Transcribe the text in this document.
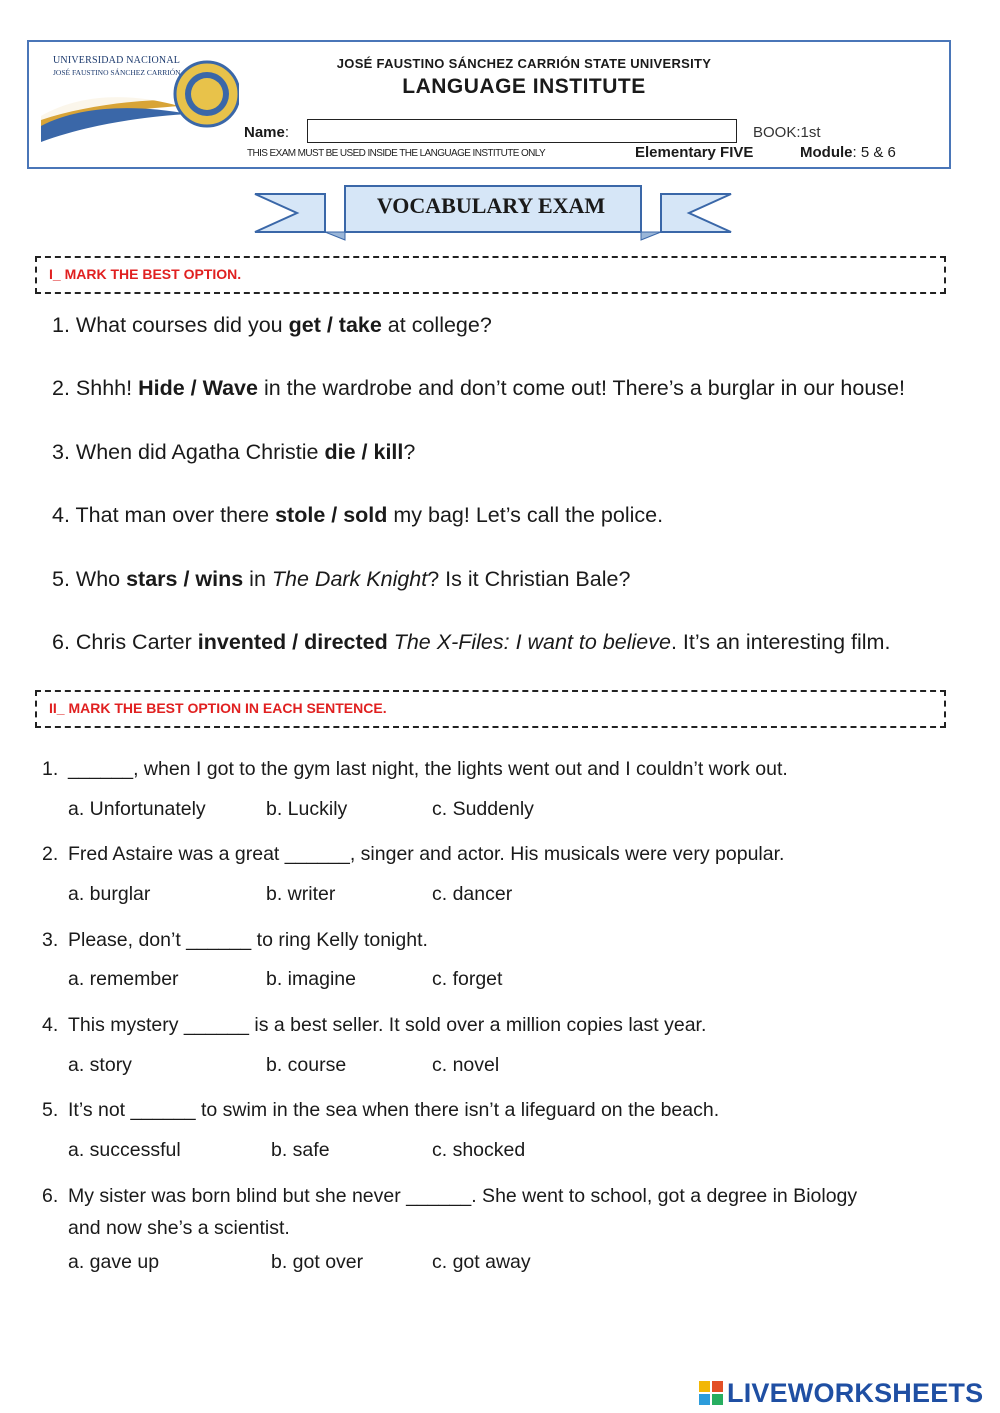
UNIVERSIDAD NACIONAL
JOSÉ FAUSTINO SÁNCHEZ CARRIÓN
JOSÉ FAUSTINO SÁNCHEZ CARRIÓN STATE UNIVERSITY
LANGUAGE INSTITUTE
Name:	BOOK:1st
THIS EXAM MUST BE USED INSIDE THE LANGUAGE INSTITUTE ONLY	Elementary FIVE	Module: 5 & 6
VOCABULARY EXAM
I_ MARK THE BEST OPTION.
1. What courses did you get / take at college?
2. Shhh! Hide / Wave in the wardrobe and don’t come out! There’s a burglar in our house!
3. When did Agatha Christie die / kill?
4. That man over there stole / sold my bag! Let’s call the police.
5. Who stars / wins in The Dark Knight? Is it Christian Bale?
6. Chris Carter invented / directed The X-Files: I want to believe. It’s an interesting film.
II_ MARK THE BEST OPTION IN EACH SENTENCE.
1. ______, when I got to the gym last night, the lights went out and I couldn’t work out.
a. Unfortunately	b. Luckily	c. Suddenly
2. Fred Astaire was a great ______, singer and actor. His musicals were very popular.
a. burglar	b. writer	c. dancer
3. Please, don’t ______ to ring Kelly tonight.
a. remember	b. imagine	c. forget
4. This mystery ______ is a best seller. It sold over a million copies last year.
a. story	b. course	c. novel
5. It’s not ______ to swim in the sea when there isn’t a lifeguard on the beach.
a. successful	b. safe	c. shocked
6. My sister was born blind but she never ______. She went to school, got a degree in Biology
and now she’s a scientist.
a. gave up	b. got over	c. got away
LIVEWORKSHEETS
